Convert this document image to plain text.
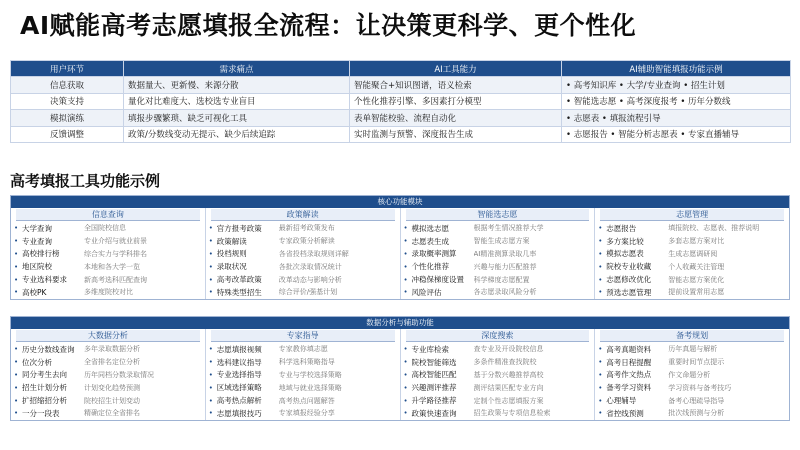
AI赋能高考志愿填报全流程：让决策更科学、更个性化
用户环节	需求痛点	AI工具能力	AI辅助智能填报功能示例
信息获取	数据量大、更新慢、来源分散	智能聚合+知识图谱，语义检索	• 高考知识库 • 大学/专业查询 • 招生计划
决策支持	量化对比难度大、选校选专业盲目	个性化推荐引擎、多因素打分模型	• 智能选志愿 • 高考深度报考 • 历年分数线
模拟演练	填报步骤繁琐、缺乏可视化工具	表单智能校验、流程自动化	• 志愿表 • 填报流程引导
反馈调整	政策/分数线变动无提示、缺少后续追踪	实时监测与预警、深度报告生成	• 志愿报告 • 智能分析志愿表 • 专家直播辅导
高考填报工具功能示例
核心功能模块
信息查询
• 大学查询	全国院校信息
• 专业查询	专业介绍与就业前景
• 高校排行榜	综合实力与学科排名
• 地区院校	本地和各大学一览
• 专业选科要求	新高考选科匹配查询
• 高校PK	多维度院校对比
政策解读
• 官方报考政策	最新招考政策发布
• 政策解读	专家政策分析解读
• 投档规则	各省投档录取规则详解
• 录取状况	各批次录取情况统计
• 高考改革政策	改革动态与影响分析
• 特殊类型招生	综合评价/强基计划
智能选志愿
• 模拟选志愿	根据考生情况推荐大学
• 志愿表生成	智能生成志愿方案
• 录取概率测算	AI精准测算录取几率
• 个性化推荐	兴趣与能力匹配推荐
• 冲稳保梯度设置	科学梯度志愿配置
• 风险评估	各志愿录取风险分析
志愿管理
• 志愿报告	填报院校、志愿表、推荐说明
• 多方案比较	多套志愿方案对比
• 模拟志愿表	生成志愿调研阅
• 院校专业收藏	个人收藏关注管理
• 志愿修改优化	智能志愿方案优化
• 预选志愿管理	提前设置常用志愿
数据分析与辅助功能
大数据分析
• 历史分数线查询	多年录取数据分析
• 位次分析	全省排名定位分析
• 同分考生去向	历年同档分数录取情况
• 招生计划分析	计划变化趋势预测
• 扩招缩招分析	院校招生计划变动
• 一分一段表	精确定位全省排名
专家指导
• 志愿填报视频	专家教你填志愿
• 选科建议指导	科学选科策略指导
• 专业选择指导	专业与学校选择策略
• 区域选择策略	地域与就业选择策略
• 高考热点解析	高考热点问题解答
• 志愿填报技巧	专家填报经验分享
深度搜索
• 专业库检索	查专业及开设院校信息
• 院校智能筛选	多条件精准查找院校
• 高校智能匹配	基于分数兴趣推荐高校
• 兴趣测评推荐	测评结果匹配专业方向
• 升学路径推荐	定制个性志愿填报方案
• 政策快速查询	招生政策与专项信息检索
备考规划
• 高考真题资料	历年真题与解析
• 高考日程提醒	重要时间节点提示
• 高考作文热点	作文命题分析
• 备考学习资料	学习资料与备考技巧
• 心理辅导	备考心理疏导指导
• 省控线预测	批次线预测与分析
